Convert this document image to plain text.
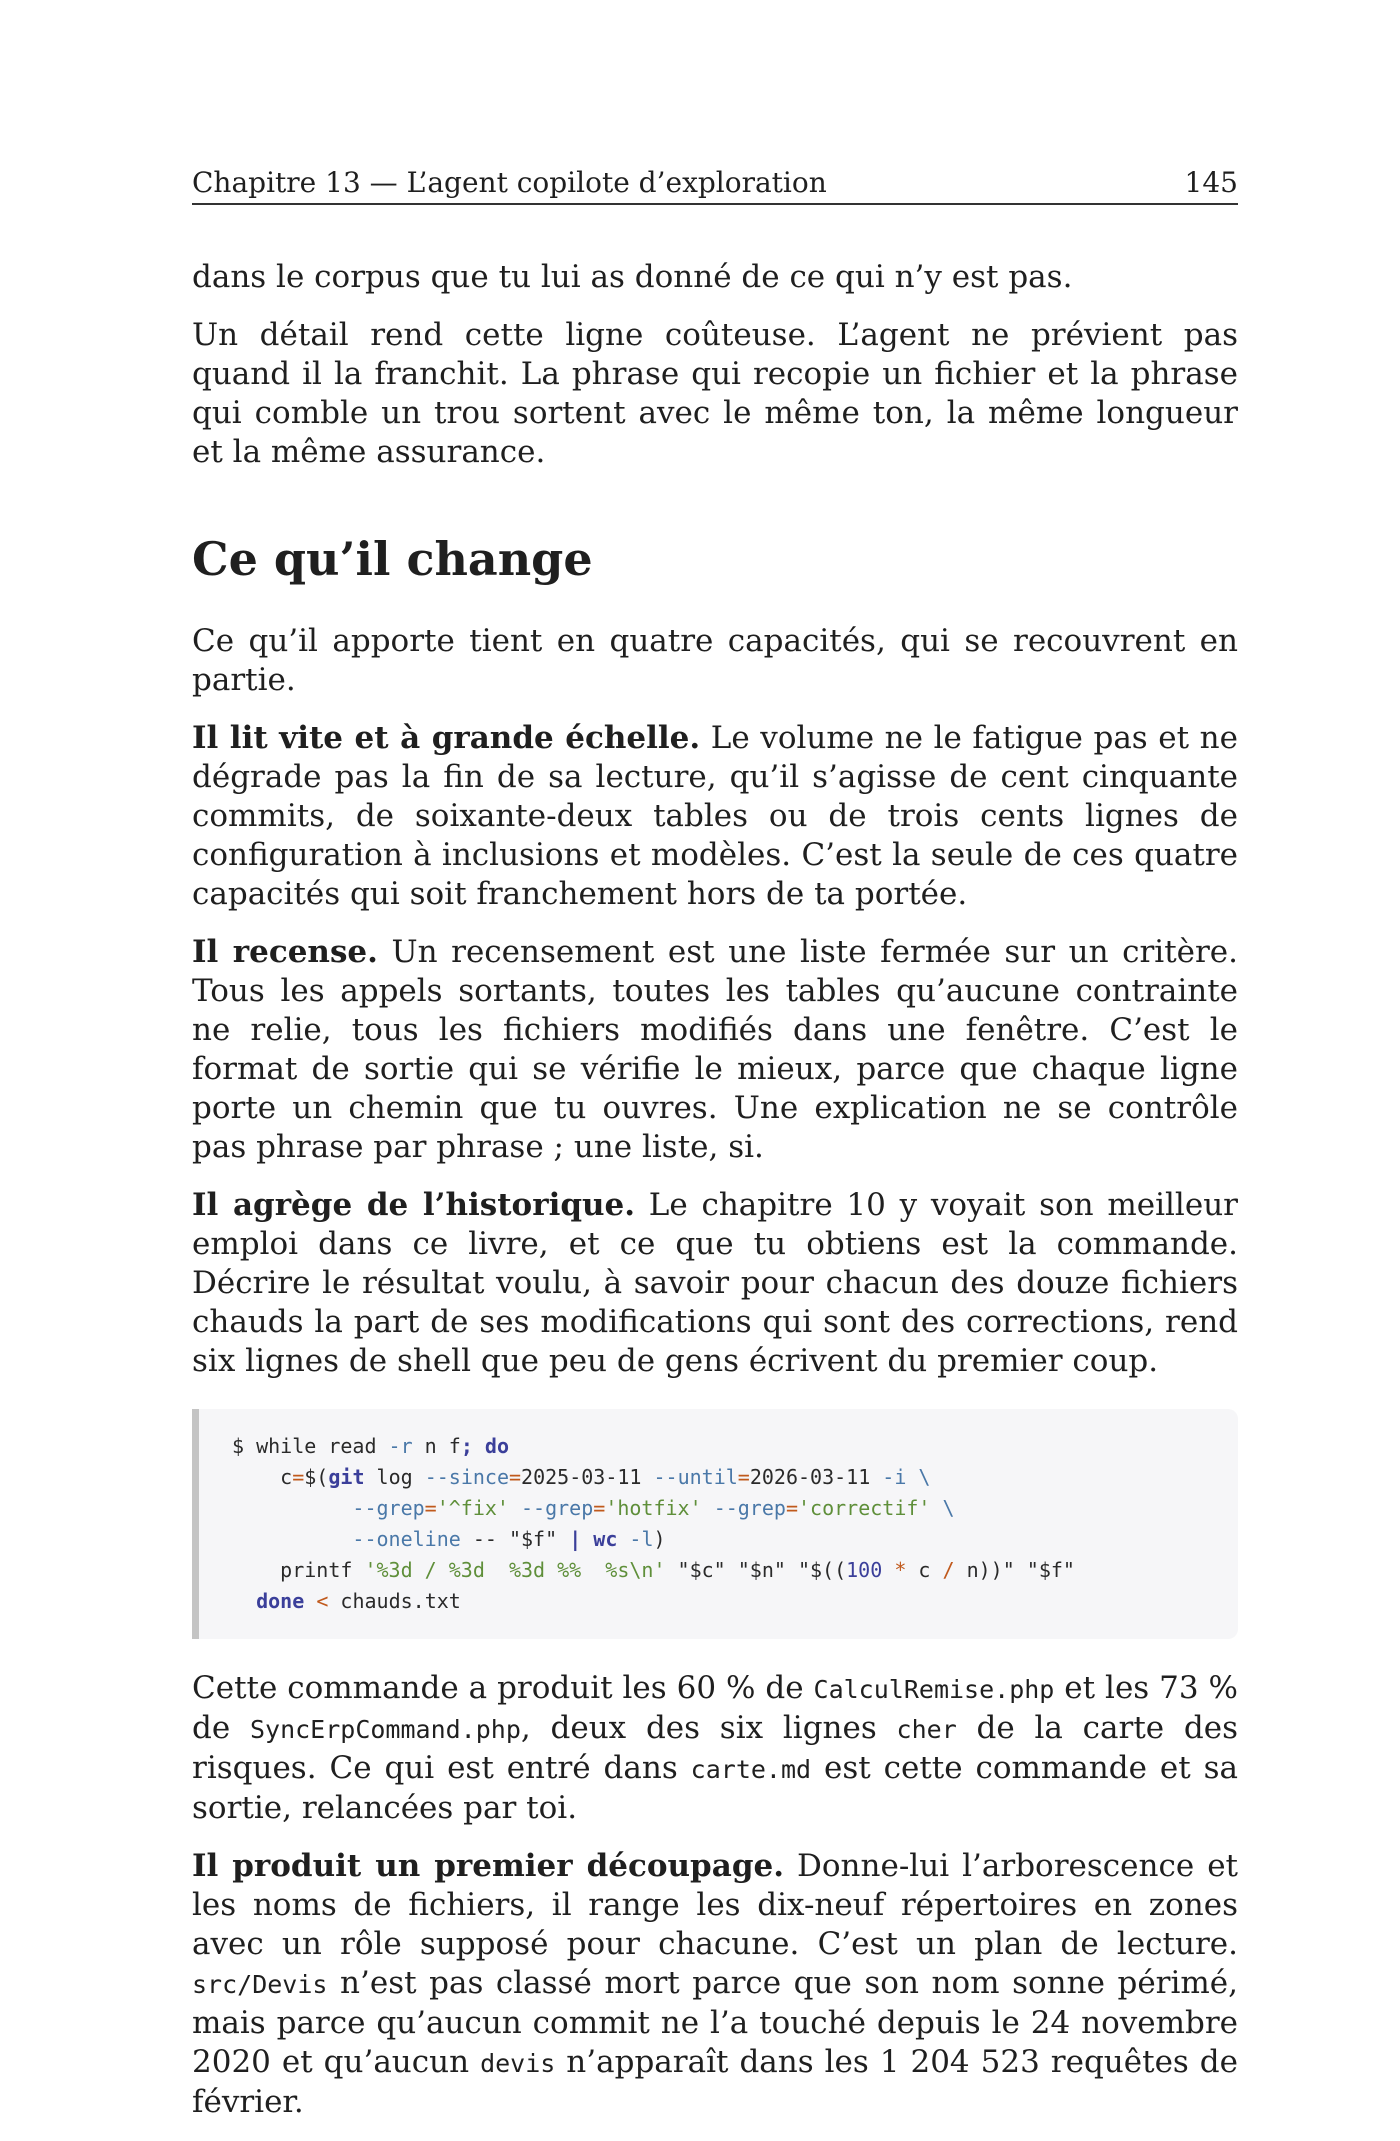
Chapitre 13 — L’agent copilote d’exploration	145

dans le corpus que tu lui as donné de ce qui n’y est pas.

Un détail rend cette ligne coûteuse. L’agent ne prévient pas quand il la franchit. La phrase qui recopie un fichier et la phrase qui comble un trou sortent avec le même ton, la même longueur et la même assurance.

Ce qu’il change

Ce qu’il apporte tient en quatre capacités, qui se recouvrent en partie.

Il lit vite et à grande échelle. Le volume ne le fatigue pas et ne dégrade pas la fin de sa lecture, qu’il s’agisse de cent cinquante commits, de soixante-deux tables ou de trois cents lignes de configuration à inclusions et modèles. C’est la seule de ces quatre capacités qui soit franchement hors de ta portée.

Il recense. Un recensement est une liste fermée sur un critère. Tous les appels sortants, toutes les tables qu’aucune contrainte ne relie, tous les fichiers modifiés dans une fenêtre. C’est le format de sortie qui se vérifie le mieux, parce que chaque ligne porte un chemin que tu ouvres. Une explication ne se contrôle pas phrase par phrase ; une liste, si.

Il agrège de l’historique. Le chapitre 10 y voyait son meilleur emploi dans ce livre, et ce que tu obtiens est la commande. Décrire le résultat voulu, à savoir pour chacun des douze fichiers chauds la part de ses modifications qui sont des corrections, rend six lignes de shell que peu de gens écrivent du premier coup.

$ while read -r n f; do
c=$(git log --since=2025-03-11 --until=2026-03-11 -i \
--grep='^fix' --grep='hotfix' --grep='correctif' \
--oneline -- "$f" | wc -l)
printf '%3d / %3d  %3d %%  %s\n' "$c" "$n" "$((100 * c / n))" "$f"
done < chauds.txt

Cette commande a produit les 60 % de CalculRemise.php et les 73 % de SyncErpCommand.php, deux des six lignes cher de la carte des risques. Ce qui est entré dans carte.md est cette commande et sa sortie, relancées par toi.

Il produit un premier découpage. Donne-lui l’arborescence et les noms de fichiers, il range les dix-neuf répertoires en zones avec un rôle supposé pour chacune. C’est un plan de lecture. src/Devis n’est pas classé mort parce que son nom sonne périmé, mais parce qu’aucun commit ne l’a touché depuis le 24 novembre 2020 et qu’aucun devis n’apparaît dans les 1 204 523 requêtes de février.
